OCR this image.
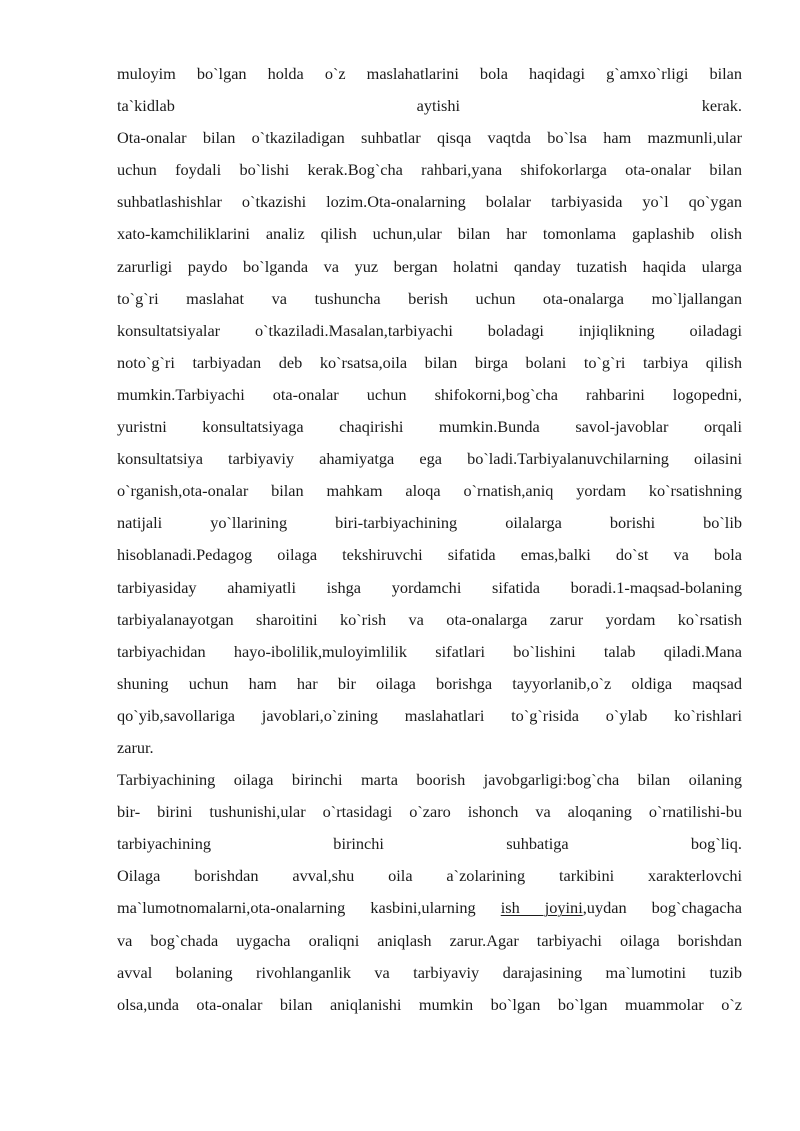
muloyim bo`lgan holda o`z maslahatlarini bola haqidagi g`amxo`rligi bilan
ta`kidlab aytishi kerak.
Ota-onalar bilan o`tkaziladigan suhbatlar qisqa vaqtda bo`lsa ham mazmunli,ular
uchun foydali bo`lishi kerak.Bog`cha rahbari,yana shifokorlarga ota-onalar bilan
suhbatlashishlar o`tkazishi lozim.Ota-onalarning bolalar tarbiyasida yo`l qo`ygan
xato-kamchiliklarini analiz qilish uchun,ular bilan har tomonlama gaplashib olish
zarurligi paydo bo`lganda va yuz bergan holatni qanday tuzatish haqida ularga
to`g`ri maslahat va tushuncha berish uchun ota-onalarga mo`ljallangan
konsultatsiyalar o`tkaziladi.Masalan,tarbiyachi boladagi injiqlikning oiladagi
noto`g`ri tarbiyadan deb ko`rsatsa,oila bilan birga bolani to`g`ri tarbiya qilish
mumkin.Tarbiyachi ota-onalar uchun shifokorni,bog`cha rahbarini logopedni,
yuristni konsultatsiyaga chaqirishi mumkin.Bunda savol-javoblar orqali
konsultatsiya tarbiyaviy ahamiyatga ega bo`ladi.Tarbiyalanuvchilarning oilasini
o`rganish,ota-onalar bilan mahkam aloqa o`rnatish,aniq yordam ko`rsatishning
natijali yo`llarining biri-tarbiyachining oilalarga borishi bo`lib
hisoblanadi.Pedagog oilaga tekshiruvchi sifatida emas,balki do`st va bola
tarbiyasiday ahamiyatli ishga yordamchi sifatida boradi.1-maqsad-bolaning
tarbiyalanayotgan sharoitini ko`rish va ota-onalarga zarur yordam ko`rsatish
tarbiyachidan hayo-ibolilik,muloyimlilik sifatlari bo`lishini talab qiladi.Mana
shuning uchun ham har bir oilaga borishga tayyorlanib,o`z oldiga maqsad
qo`yib,savollariga javoblari,o`zining maslahatlari to`g`risida o`ylab ko`rishlari
zarur.
Tarbiyachining oilaga birinchi marta boorish javobgarligi:bog`cha bilan oilaning
bir- birini tushunishi,ular o`rtasidagi o`zaro ishonch va aloqaning o`rnatilishi-bu
tarbiyachining birinchi suhbatiga bog`liq.
Oilaga borishdan avval,shu oila a`zolarining tarkibini xarakterlovchi
ma`lumotnomalarni,ota-onalarning kasbini,ularning ish joyini,uydan bog`chagacha
va bog`chada uygacha oraliqni aniqlash zarur.Agar tarbiyachi oilaga borishdan
avval bolaning rivohlanganlik va tarbiyaviy darajasining ma`lumotini tuzib
olsa,unda ota-onalar bilan aniqlanishi mumkin bo`lgan bo`lgan muammolar o`z
